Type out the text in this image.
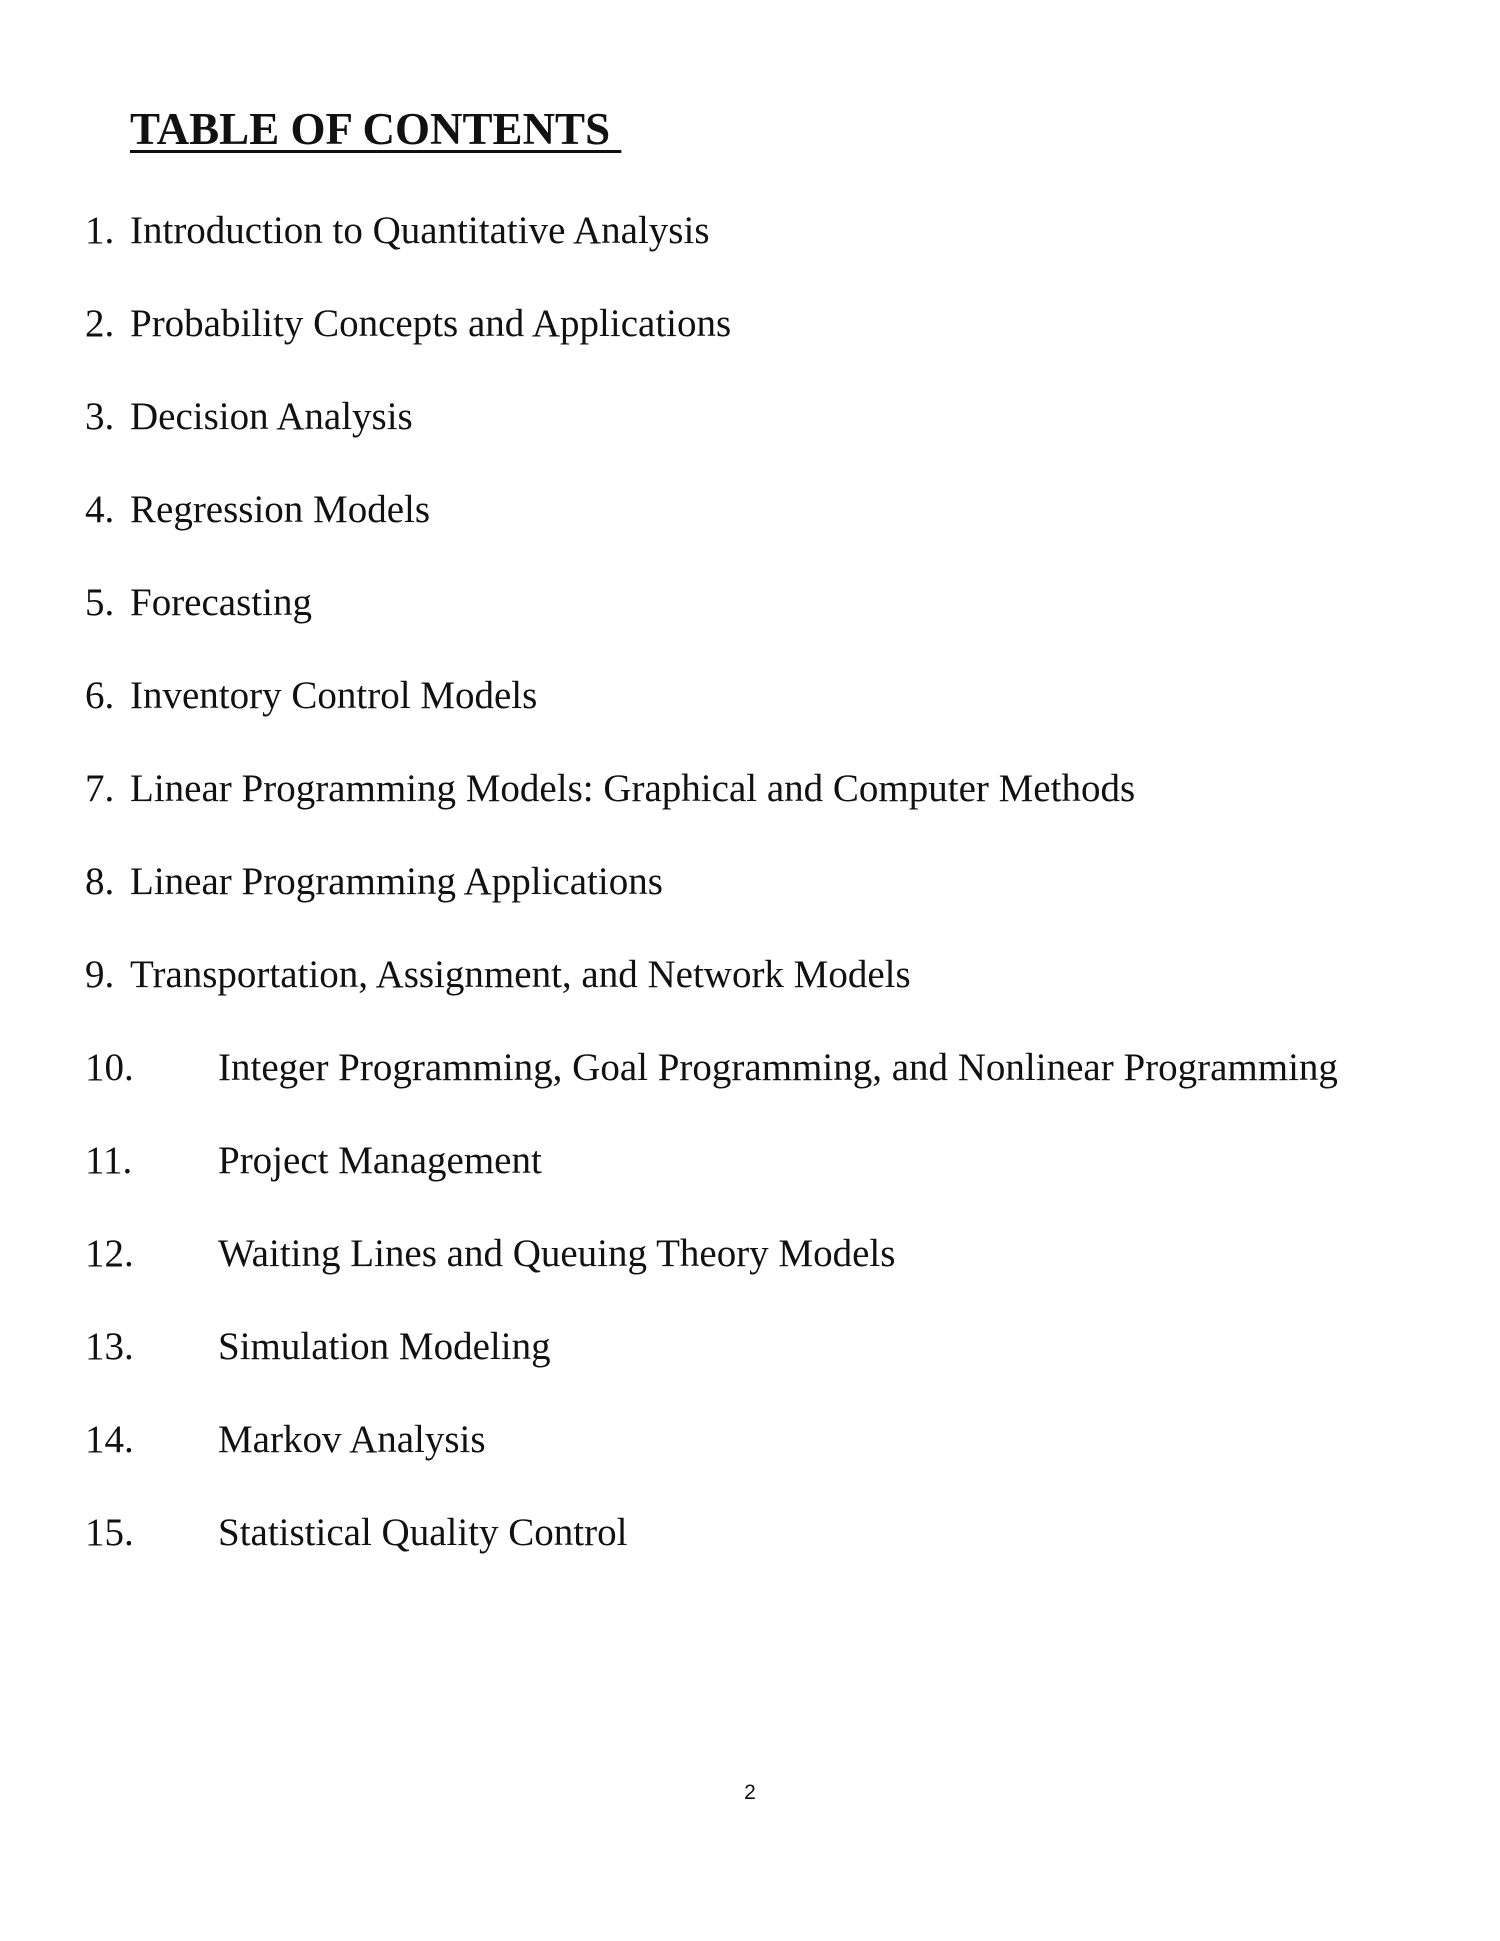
TABLE OF CONTENTS
1. Introduction to Quantitative Analysis
2. Probability Concepts and Applications
3. Decision Analysis
4. Regression Models
5. Forecasting
6. Inventory Control Models
7. Linear Programming Models: Graphical and Computer Methods
8. Linear Programming Applications
9. Transportation, Assignment, and Network Models
10.	Integer Programming, Goal Programming, and Nonlinear Programming
11.	Project Management
12.	Waiting Lines and Queuing Theory Models
13.	Simulation Modeling
14.	Markov Analysis
15.	Statistical Quality Control
2
